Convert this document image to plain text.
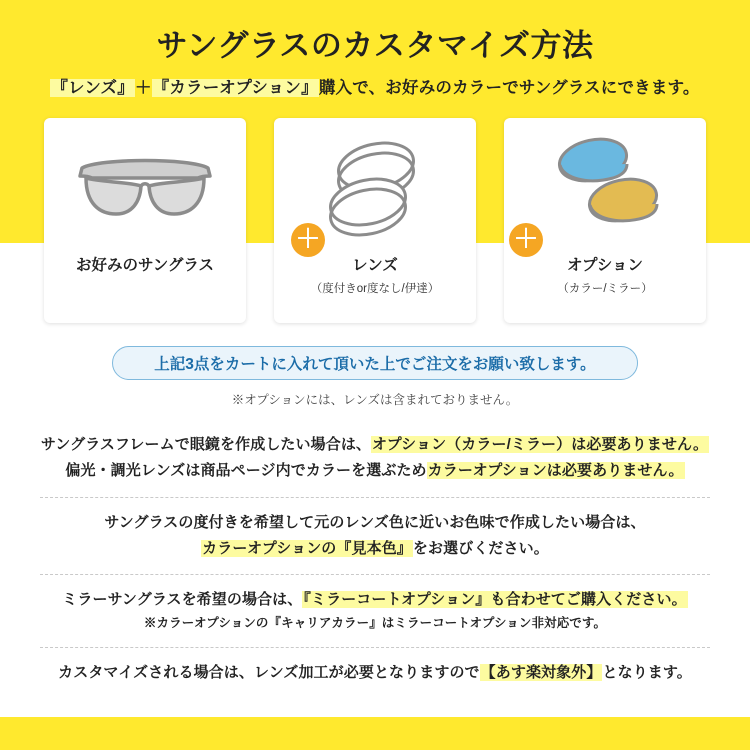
サングラスのカスタマイズ方法
『レンズ』＋『カラーオプション』購入で、お好みのカラーでサングラスにできます。
お好みのサングラス	レンズ
（度付きor度なし/伊達）
オプション
（カラー/ミラー）
＋	＋
上記3点をカートに入れて頂いた上でご注文をお願い致します。
※オプションには、レンズは含まれておりません。
サングラスフレームで眼鏡を作成したい場合は、オプション（カラー/ミラー）は必要ありません。
偏光・調光レンズは商品ページ内でカラーを選ぶためカラーオプションは必要ありません。
サングラスの度付きを希望して元のレンズ色に近いお色味で作成したい場合は、
カラーオプションの『見本色』をお選びください。
ミラーサングラスを希望の場合は、『ミラーコートオプション』も合わせてご購入ください。
※カラーオプションの『キャリアカラー』はミラーコートオプション非対応です。
カスタマイズされる場合は、レンズ加工が必要となりますので【あす楽対象外】となります。
